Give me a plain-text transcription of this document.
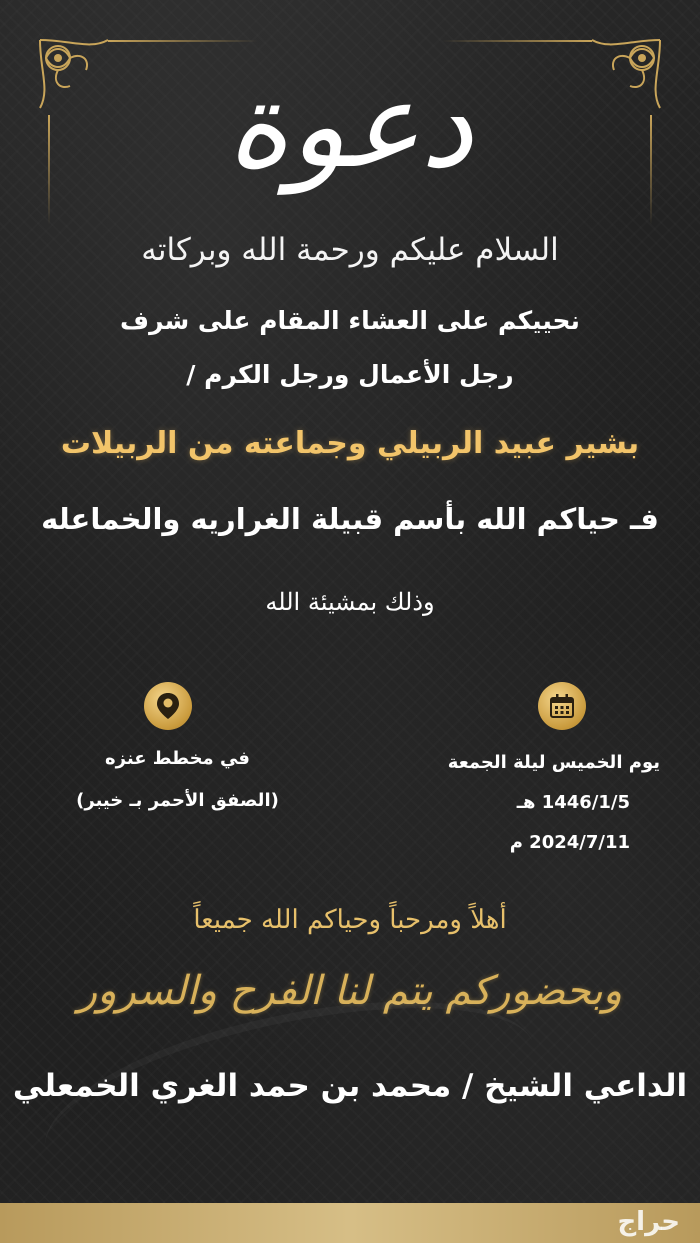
دعوة
السلام عليكم ورحمة الله وبركاته
نحييكم على العشاء المقام على شرف
رجل الأعمال ورجل الكرم /
بشير عبيد الربيلي وجماعته من الربيلات
فـ حياكم الله بأسم قبيلة الغراريه والخماعله
وذلك بمشيئة الله
في مخطط عنزه
(الصفق الأحمر بـ خيبر)
يوم الخميس ليلة الجمعة
1446/1/5 هـ
2024/7/11 م
أهلاً ومرحباً وحياكم الله جميعاً
وبحضوركم يتم لنا الفرح والسرور
الداعي الشيخ / محمد بن حمد الغري الخمعلي
حراج
